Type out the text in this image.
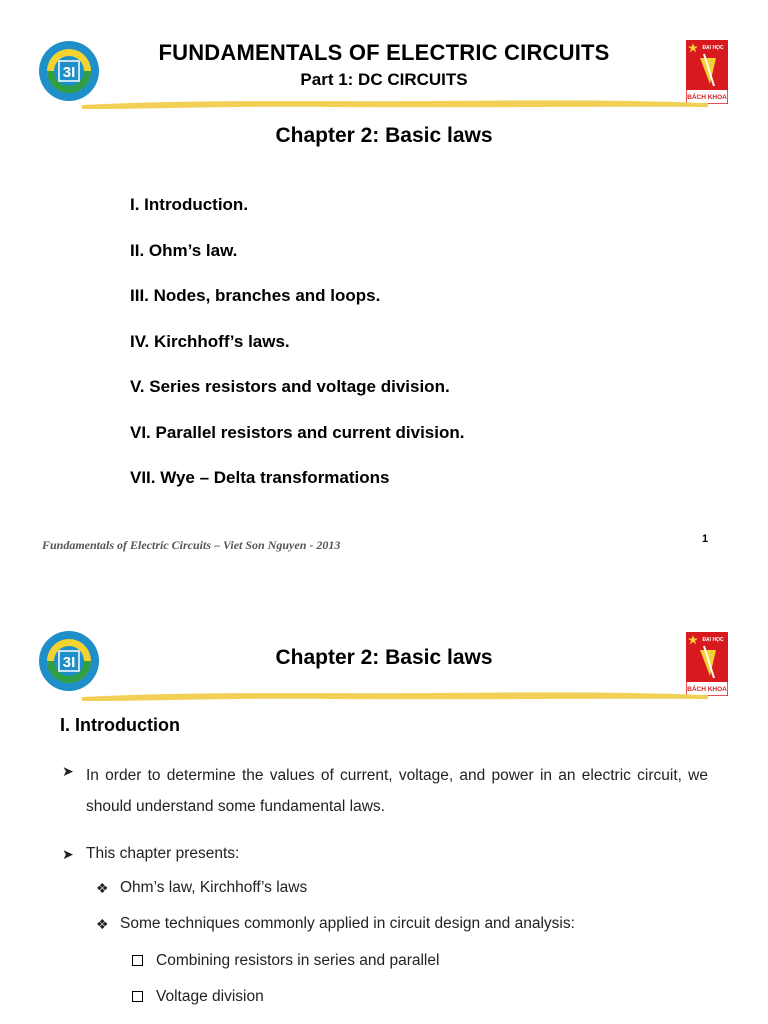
3I
ĐẠI HỌC
BÁCH KHOA
FUNDAMENTALS OF ELECTRIC CIRCUITS
Part 1: DC CIRCUITS
Chapter 2: Basic laws
I. Introduction.
II. Ohm’s law.
III. Nodes, branches and loops.
IV. Kirchhoff’s laws.
V. Series resistors and voltage division.
VI. Parallel resistors and current division.
VII. Wye – Delta transformations
Fundamentals of Electric Circuits – Viet Son Nguyen - 2013	1
3I
ĐẠI HỌC
BÁCH KHOA
Chapter 2: Basic laws
I. Introduction
➤ In order to determine the values of current, voltage, and power in an electric circuit, we should understand some fundamental laws.
➤ This chapter presents:
❖ Ohm’s law, Kirchhoff’s laws
❖ Some techniques commonly applied in circuit design and analysis:
Combining resistors in series and parallel
Voltage division
